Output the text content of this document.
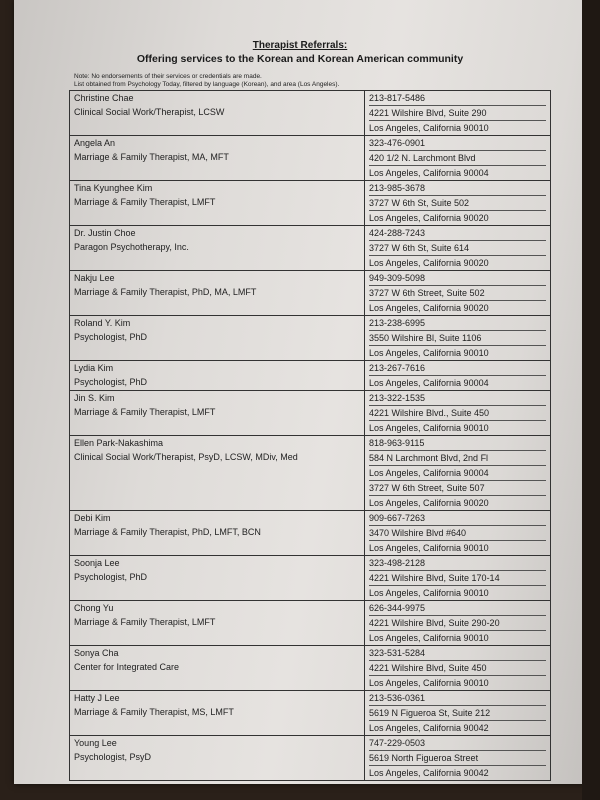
Therapist Referrals:
Offering services to the Korean and Korean American community
Note: No endorsements of their services or credentials are made.
List obtained from Psychology Today, filtered by language (Korean), and area (Los Angeles).
Christine Chae
Clinical Social Work/Therapist, LCSW	213-817-5486
4221 Wilshire Blvd, Suite 290
Los Angeles, California 90010

Angela An
Marriage & Family Therapist, MA, MFT	323-476-0901
420 1/2 N. Larchmont Blvd
Los Angeles, California 90004

Tina Kyunghee Kim
Marriage & Family Therapist, LMFT	213-985-3678
3727 W 6th St, Suite 502
Los Angeles, California 90020

Dr. Justin Choe
Paragon Psychotherapy, Inc.	424-288-7243
3727 W 6th St, Suite 614
Los Angeles, California 90020

Nakju Lee
Marriage & Family Therapist, PhD, MA, LMFT	949-309-5098
3727 W 6th Street, Suite 502
Los Angeles, California 90020

Roland Y. Kim
Psychologist, PhD	213-238-6995
3550 Wilshire Bl, Suite 1106
Los Angeles, California 90010

Lydia Kim
Psychologist, PhD	213-267-7616
Los Angeles, California 90004

Jin S. Kim
Marriage & Family Therapist, LMFT	213-322-1535
4221 Wilshire Blvd., Suite 450
Los Angeles, California 90010

Ellen Park-Nakashima
Clinical Social Work/Therapist, PsyD, LCSW, MDiv, Med	818-963-9115
584 N Larchmont Blvd, 2nd Fl
Los Angeles, California 90004
3727 W 6th Street, Suite 507
Los Angeles, California 90020

Debi Kim
Marriage & Family Therapist, PhD, LMFT, BCN	909-667-7263
3470 Wilshire Blvd #640
Los Angeles, California 90010

Soonja Lee
Psychologist, PhD	323-498-2128
4221 Wilshire Blvd, Suite 170-14
Los Angeles, California 90010

Chong Yu
Marriage & Family Therapist, LMFT	626-344-9975
4221 Wilshire Blvd, Suite 290-20
Los Angeles, California 90010

Sonya Cha
Center for Integrated Care	323-531-5284
4221 Wilshire Blvd, Suite 450
Los Angeles, California 90010

Hatty J Lee
Marriage & Family Therapist, MS, LMFT	213-536-0361
5619 N Figueroa St, Suite 212
Los Angeles, California 90042

Young Lee
Psychologist, PsyD	747-229-0503
5619 North Figueroa Street
Los Angeles, California 90042
